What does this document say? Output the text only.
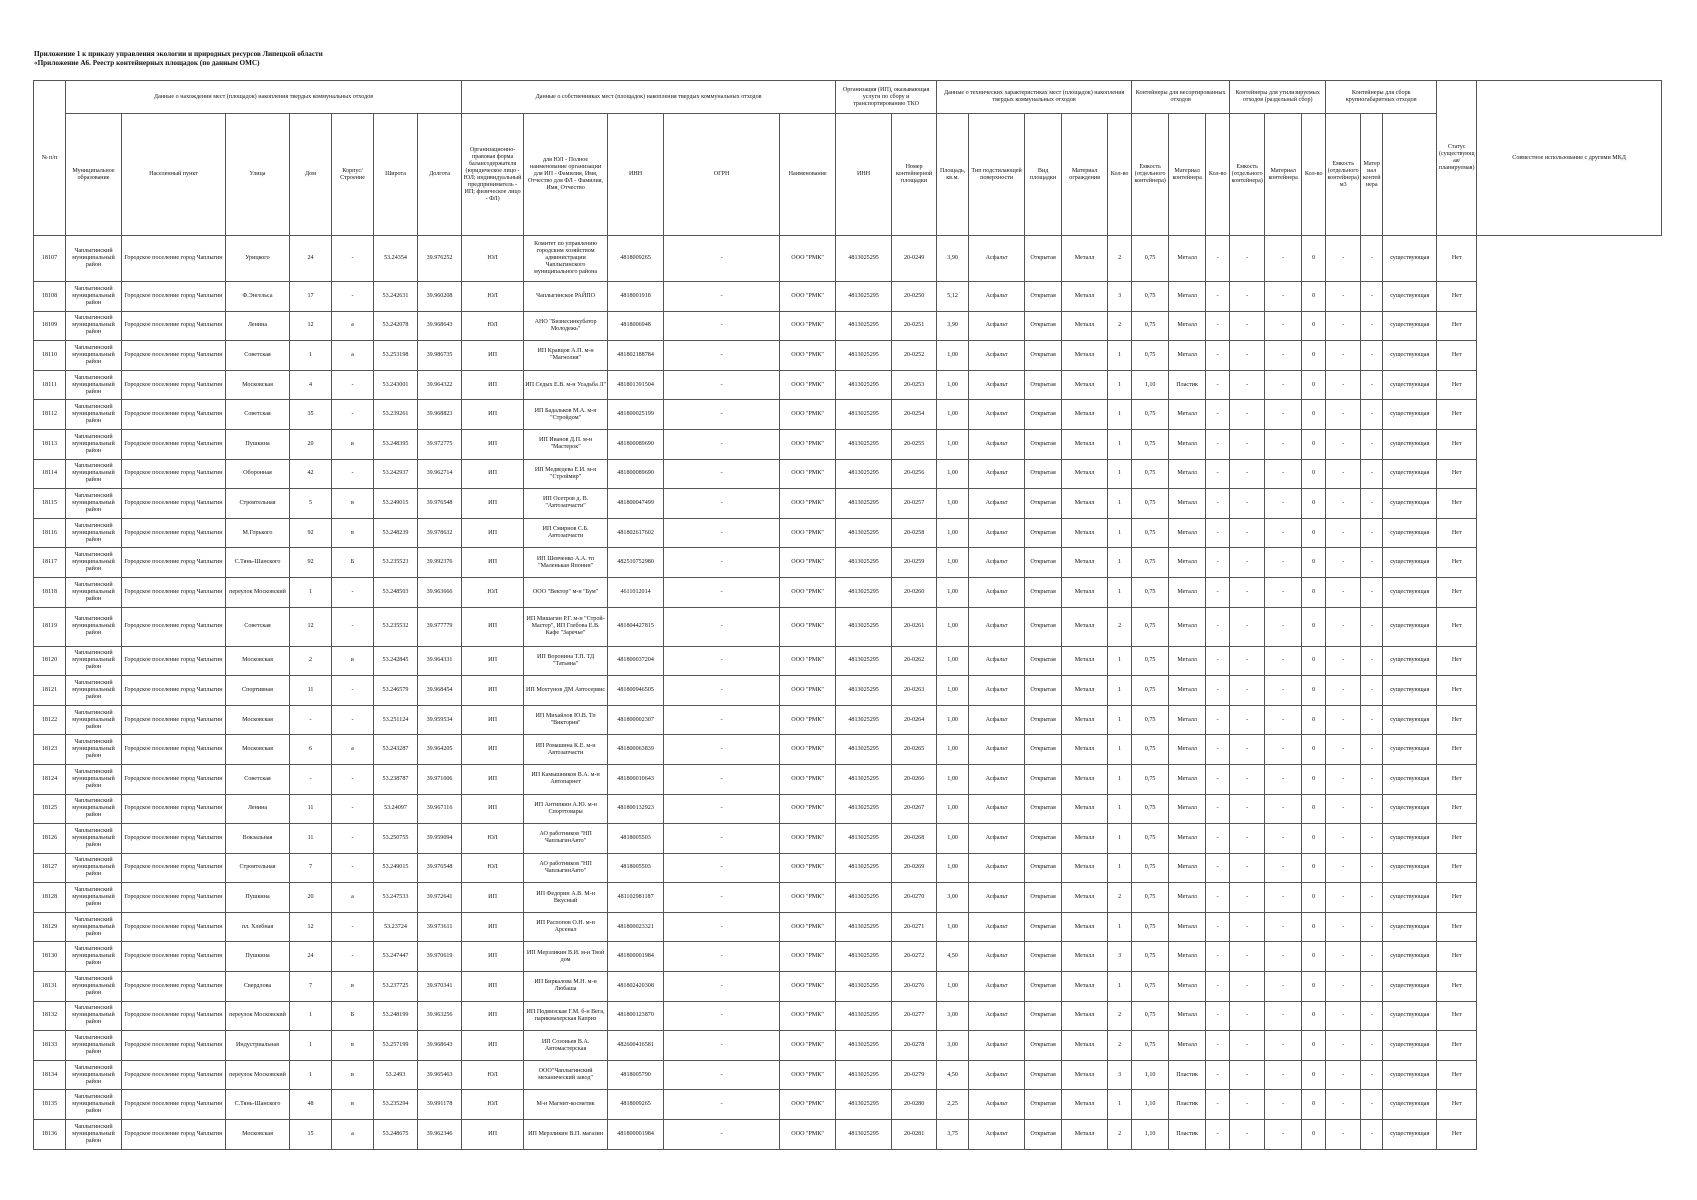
Приложение 1 к приказу управления экологии и природных ресурсов Липецкой области
«Приложение А6. Реестр контейнерных площадок (по данным ОМС)
№ п/п	Данные о нахождении мест (площадок) накопления твердых коммунальных отходов							Данные о собственниках мест (площадок) накопления твердых коммунальных отходов					Организация (ИП), оказывающая услуги по сбору и транспортированию ТКО		Данные о технических характеристиках мест (площадок) накопления твердых коммунальных отходов					Контейнеры для несортированных отходов			Контейнеры для утилизируемых отходов (раздельный сбор)			Контейнеры для сборк крупногабаритных отходов			Статус (существующая/ планируемая)	Совместное использование с другими МКД
	Муниципальное образование	Населенный пункт	Улица	Дом	Корпус/Строение	Широта	Долгота	Организационно-правовая форма балансодержателя (юридическое лицо - ЮЛ; индивидуальный предприниматель - ИП; физическое лицо - ФЛ)	для ЮЛ - Полное наименование организации для ИП - Фамилия, Имя, Отчество для ФЛ - Фамилия, Имя, Отчество	ИНН	ОГРН	Наименование	ИНН	Номер контейнерной площадки	Площадь, кв.м.	Тип подстилающей поверхности	Вид площадки	Материал ограждения	Кол-во	Емкость (отдельного контейнера)	Материал контейнера	Кол-во	Емкость (отдельного контейнера)	Материал контейнера	Кол-во	Емкость (отдельного контейнера) м3	Материал контейнера			
18107	Чаплыгинский муниципальный район	Городское поселение город Чаплыгин	Урицкого	24	-	53.24354	39.976252	ЮЛ	Комитет по управлению городским хозяйством администрации Чаплыгинского муниципального района	4818009265	-	ООО "РМК"	4813025295	20-0249	3,90	Асфальт	Открытая	Металл	2	0,75	Металл	-	-	-	0	-	-	существующая	Нет	
18108	Чаплыгинский муниципальный район	Городское поселение город Чаплыгин	Ф.Энгельса	17	-	53.242631	39.960208	ЮЛ	Чаплыгинское РАЙПО	4818001918	-	ООО "РМК"	4813025295	20-0250	5,12	Асфальт	Открытая	Металл	3	0,75	Металл	-	-	-	0	-	-	существующая	Нет	
18109	Чаплыгинский муниципальный район	Городское поселение город Чаплыгин	Ленина	12	а	53.242078	39.968643	ЮЛ	АНО "Бизнесинкубатор Молодежь"	4818006948	-	ООО "РМК"	4813025295	20-0251	3,90	Асфальт	Открытая	Металл	2	0,75	Металл	-	-	-	0	-	-	существующая	Нет	
18110	Чаплыгинский муниципальный район	Городское поселение город Чаплыгин	Советская	1	а	53.253198	39.986735	ИП	ИП Кравцов А.П. м-н "Магнолия"	481802188784	-	ООО "РМК"	4813025295	20-0252	1,00	Асфальт	Открытая	Металл	1	0,75	Металл	-	-	-	0	-	-	существующая	Нет	
18111	Чаплыгинский муниципальный район	Городское поселение город Чаплыгин	Московская	4	-	53.243001	39.964322	ИП	ИП Седых Е.В. м-н Усадьба Л"	481801391504	-	ООО "РМК"	4813025295	20-0253	1,00	Асфальт	Открытая	Металл	1	1,10	Пластик	-	-	-	0	-	-	существующая	Нет	
18112	Чаплыгинский муниципальный район	Городское поселение город Чаплыгин	Советская	35	-	53.239261	39.968823	ИП	ИП Бадальков М.А. м-н "Стройдом"	481800025199	-	ООО "РМК"	4813025295	20-0254	1,00	Асфальт	Открытая	Металл	1	0,75	Металл	-	-	-	0	-	-	существующая	Нет	
18113	Чаплыгинский муниципальный район	Городское поселение город Чаплыгин	Пушкина	20	в	53.248395	39.972775	ИП	ИП Иванов Д.П. м-н "Мастерок"	481800089690	-	ООО "РМК"	4813025295	20-0255	1,00	Асфальт	Открытая	Металл	1	0,75	Металл	-	-	-	0	-	-	существующая	Нет	
18114	Чаплыгинский муниципальный район	Городское поселение город Чаплыгин	Оборонная	42	-	53.242937	39.962714	ИП	ИП Медведева Е.И. м-н "Строймир"	481800089690	-	ООО "РМК"	4813025295	20-0256	1,00	Асфальт	Открытая	Металл	1	0,75	Металл	-	-	-	0	-	-	существующая	Нет	
18115	Чаплыгинский муниципальный район	Городское поселение город Чаплыгин	Строительная	5	в	53.249015	39.976548	ИП	ИП Осетров д. В. "Автозапчасти"	481800047499	-	ООО "РМК"	4813025295	20-0257	1,00	Асфальт	Открытая	Металл	1	0,75	Металл	-	-	-	0	-	-	существующая	Нет	
18116	Чаплыгинский муниципальный район	Городское поселение город Чаплыгин	М.Горького	92	в	53.248239	39.978632	ИП	ИП Смирнов С.Б. Автозапчасти	481802617602	-	ООО "РМК"	4813025295	20-0258	1,00	Асфальт	Открытая	Металл	1	0,75	Металл	-	-	-	0	-	-	существующая	Нет	
18117	Чаплыгинский муниципальный район	Городское поселение город Чаплыгин	С.Тянь-Шанского	92	Б	53.235523	39.992376	ИП	ИП Шевченко А.А. тп "Маленькая Японии"	482510752980	-	ООО "РМК"	4813025295	20-0259	1,00	Асфальт	Открытая	Металл	1	0,75	Металл	-	-	-	0	-	-	существующая	Нет	
18118	Чаплыгинский муниципальный район	Городское поселение город Чаплыгин	переулок Московский	1	-	53.248503	39.963666	ЮЛ	ООО "Вектор" м-н "Бум"	4611012014	-	ООО "РМК"	4813025295	20-0260	1,00	Асфальт	Открытая	Металл	1	0,75	Металл	-	-	-	0	-	-	существующая	Нет	
18119	Чаплыгинский муниципальный район	Городское поселение город Чаплыгин	Советская	12	-	53.235532	39.977779	ИП	ИП Мишагин Р.Г. м-н "Строй-Мастер", ИП Глебова Е.В. Кафе "Заречье"	481804427815	-	ООО "РМК"	4813025295	20-0261	1,00	Асфальт	Открытая	Металл	2	0,75	Металл	-	-	-	0	-	-	существующая	Нет	
18120	Чаплыгинский муниципальный район	Городское поселение город Чаплыгин	Московская	2	в	53.242845	39.964331	ИП	ИП Воронина Т.П. ТД "Татьяна"	481800037204	-	ООО "РМК"	4813025295	20-0262	1,00	Асфальт	Открытая	Металл	1	0,75	Металл	-	-	-	0	-	-	существующая	Нет	
18121	Чаплыгинский муниципальный район	Городское поселение город Чаплыгин	Спортивная	11	-	53.246579	39.968454	ИП	ИП Мохтунов ДМ Автосервис	481800946505	-	ООО "РМК"	4813025295	20-0263	1,00	Асфальт	Открытая	Металл	1	0,75	Металл	-	-	-	0	-	-	существующая	Нет	
18122	Чаплыгинский муниципальный район	Городское поселение город Чаплыгин	Московская	-	-	53.251124	39.959534	ИП	ИП Михайлов Ю.В. Тп "Виктория"	481800002307	-	ООО "РМК"	4813025295	20-0264	1,00	Асфальт	Открытая	Металл	1	0,75	Металл	-	-	-	0	-	-	существующая	Нет	
18123	Чаплыгинский муниципальный район	Городское поселение город Чаплыгин	Московская	6	а	53.243287	39.964205	ИП	ИП Ромашина К.Е. м-н Автозапчасти	481800063839	-	ООО "РМК"	4813025295	20-0265	1,00	Асфальт	Открытая	Металл	1	0,75	Металл	-	-	-	0	-	-	существующая	Нет	
18124	Чаплыгинский муниципальный район	Городское поселение город Чаплыгин	Советская	-	-	53.238787	39.971006	ИП	ИП Камышников В.А. м-н Автопарнет	481800010643	-	ООО "РМК"	4813025295	20-0266	1,00	Асфальт	Открытая	Металл	1	0,75	Металл	-	-	-	0	-	-	существующая	Нет	
18125	Чаплыгинский муниципальный район	Городское поселение город Чаплыгин	Ленина	11	-	53.24097	39.967116	ИП	ИП Антипкин А.Ю. м-н Спорттовары	481800132923	-	ООО "РМК"	4813025295	20-0267	1,00	Асфальт	Открытая	Металл	1	0,75	Металл	-	-	-	0	-	-	существующая	Нет	
18126	Чаплыгинский муниципальный район	Городское поселение город Чаплыгин	Вокзальная	11	-	53.250755	39.959094	ЮЛ	АО работников "НП ЧаплыгинАвто"	4818005503	-	ООО "РМК"	4813025295	20-0268	1,00	Асфальт	Открытая	Металл	1	0,75	Металл	-	-	-	0	-	-	существующая	Нет	
18127	Чаплыгинский муниципальный район	Городское поселение город Чаплыгин	Строительная	7	-	53.249015	39.976548	ЮЛ	АО работников "НП ЧаплыгинАвто"	4818005503	-	ООО "РМК"	4813025295	20-0269	1,00	Асфальт	Открытая	Металл	1	0,75	Металл	-	-	-	0	-	-	существующая	Нет	
18128	Чаплыгинский муниципальный район	Городское поселение город Чаплыгин	Пушкина	20	а	53.247533	39.972641	ИП	ИП Федорин А.В. М-н Вкусный	481102981187	-	ООО "РМК"	4813025295	20-0270	3,00	Асфальт	Открытая	Металл	2	0,75	Металл	-	-	-	0	-	-	существующая	Нет	
18129	Чаплыгинский муниципальный район	Городское поселение город Чаплыгин	пл. Хлебная	12	-	53.23724	39.973611	ИП	ИП Распопов О.Н. м-н Арсенал	481800023321	-	ООО "РМК"	4813025295	20-0271	1,00	Асфальт	Открытая	Металл	1	0,75	Металл	-	-	-	0	-	-	существующая	Нет	
18130	Чаплыгинский муниципальный район	Городское поселение город Чаплыгин	Пушкина	24	-	53.247447	39.970619	ИП	ИП Мерзликин В.И. м-н Твой дом	481800001984	-	ООО "РМК"	4813025295	20-0272	4,50	Асфальт	Открытая	Металл	3	0,75	Металл	-	-	-	0	-	-	существующая	Нет	
18131	Чаплыгинский муниципальный район	Городское поселение город Чаплыгин	Свердлова	7	в	53.237725	39.970341	ИП	ИП Биркалова М.Н. м-н Любаша	481802420308	-	ООО "РМК"	4813025295	20-0276	1,00	Асфальт	Открытая	Металл	1	0,75	Металл	-	-	-	0	-	-	существующая	Нет	
18132	Чаплыгинский муниципальный район	Городское поселение город Чаплыгин	переулок Московский	1	Б	53.248199	39.963256	ИП	ИП Подвизская Г.М. б-н Вега, парикмахерская Каприз	481800123870	-	ООО "РМК"	4813025295	20-0277	3,00	Асфальт	Открытая	Металл	2	0,75	Металл	-	-	-	0	-	-	существующая	Нет	
18133	Чаплыгинский муниципальный район	Городское поселение город Чаплыгин	Индустриальная	1	в	53.257199	39.968643	ИП	ИП Созоньев В.А. Автомастерская	482600416581	-	ООО "РМК"	4813025295	20-0278	3,00	Асфальт	Открытая	Металл	2	0,75	Металл	-	-	-	0	-	-	существующая	Нет	
18134	Чаплыгинский муниципальный район	Городское поселение город Чаплыгин	переулок Московский	1	в	53.2493	39.965463	ЮЛ	ООО"Чаплыгинский механический завод"	4818005790	-	ООО "РМК"	4813025295	20-0279	4,50	Асфальт	Открытая	Металл	3	1,10	Пластик	-	-	-	0	-	-	существующая	Нет	
18135	Чаплыгинский муниципальный район	Городское поселение город Чаплыгин	С.Тянь-Шанского	48	в	53.235294	39.991178	ЮЛ	М-н Магнит-косметик	4818009265	-	ООО "РМК"	4813025295	20-0280	2,25	Асфальт	Открытая	Металл	1	1,10	Пластик	-	-	-	0	-	-	существующая	Нет	
18136	Чаплыгинский муниципальный район	Городское поселение город Чаплыгин	Московская	15	а	53.248675	39.962346	ИП	ИП Мерзликин В.П. магазин	481800001984	-	ООО "РМК"	4813025295	20-0281	3,75	Асфальт	Открытая	Металл	2	1,10	Пластик	-	-	-	0	-	-	существующая	Нет	
